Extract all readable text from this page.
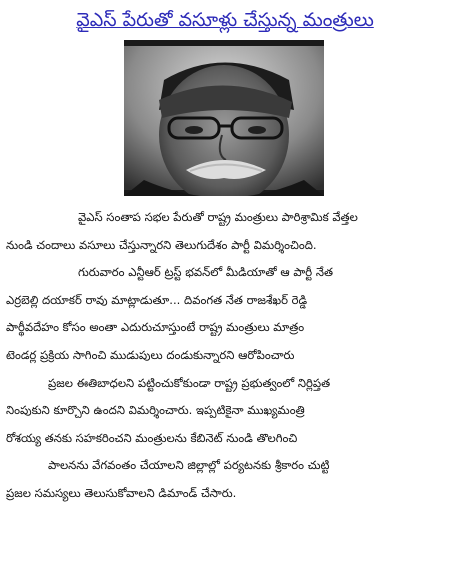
వైఎస్ పేరుతో వసూళ్లు చేస్తున్న మంత్రులు

వైఎస్ సంతాప సభల పేరుతో రాష్ట్ర మంత్రులు పారిశ్రామిక వేత్తల
నుండి చందాలు వసూలు చేస్తున్నారని తెలుగుదేశం పార్టీ విమర్శించింది.

గురువారం ఎన్టీఆర్ ట్రస్ట్ భవన్‌లో మీడియాతో ఆ పార్టీ నేత
ఎర్రబెల్లి దయాకర్ రావు మాట్లాడుతూ... దివంగత నేత రాజశేఖర్ రెడ్డి
పార్థీవదేహం కోసం అంతా ఎదురుచూస్తుంటే రాష్ట్ర మంత్రులు మాత్రం
టెండర్ల ప్రక్రియ సాగించి ముడుపులు దండుకున్నారని ఆరోపించారు

ప్రజల ఈతిబాధలని పట్టించుకోకుండా రాష్ట్ర ప్రభుత్వంలో నిర్లిప్తత
నింపుకుని కూర్చొని ఉందని విమర్శించారు. ఇప్పటికైనా ముఖ్యమంత్రి
రోశయ్య తనకు సహకరించని మంత్రులను కేబినెట్ నుండి తొలగించి
పాలనను వేగవంతం చేయాలని జిల్లాల్లో పర్యటనకు శ్రీకారం చుట్టి
ప్రజల సమస్యలు తెలుసుకోవాలని డిమాండ్ చేసారు.
